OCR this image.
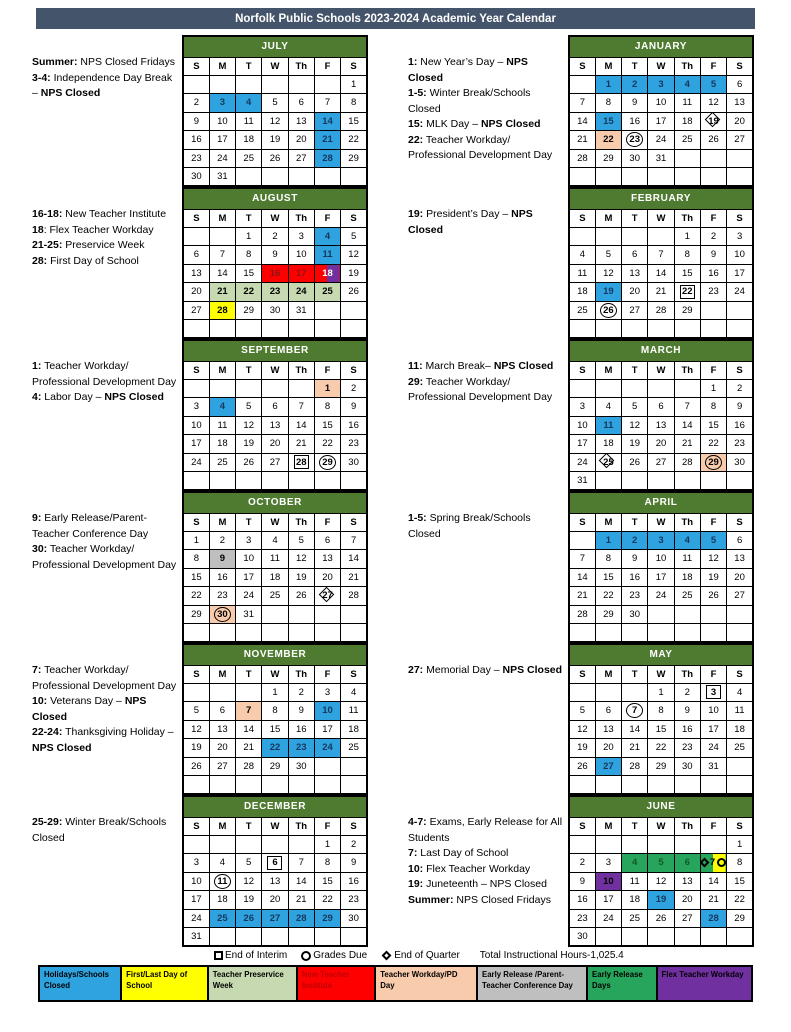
Norfolk Public Schools 2023-2024 Academic Year Calendar
Summer: NPS Closed Fridays
3-4: Independence Day Break – NPS Closed
JULY						
S	M	T	W	Th	F	S
						1
2	3	4	5	6	7	8
9	10	11	12	13	14	15
16	17	18	19	20	21	22
23	24	25	26	27	28	29
30	31					
1: New Year’s Day – NPS Closed
1-5: Winter Break/Schools Closed
15: MLK Day – NPS Closed
22: Teacher Workday/ Professional Development Day
JANUARY						
S	M	T	W	Th	F	S

	1	2	3	4	5	6
7	8	9	10	11	12	13
14	15	16	17	18	19	20
21	22	23	24	25	26	27
28	29	30	31			

16-18: New Teacher Institute
18: Flex Teacher Workday
21-25: Preservice Week
28: First Day of School
AUGUST						
S	M	T	W	Th	F	S
		1	2	3	4	5
6	7	8	9	10	11	12
13	14	15	16	17	18	19
20	21	22	23	24	25	26
27	28	29	30	31		

19: President’s Day – NPS Closed
FEBRUARY						
S	M	T	W	Th	F	S
				1	2	3
4	5	6	7	8	9	10
11	12	13	14	15	16	17
18	19	20	21	22	23	24
25	26	27	28	29		

1: Teacher Workday/ Professional Development Day
4: Labor Day – NPS Closed
SEPTEMBER						
S	M	T	W	Th	F	S

					1	2
3	4	5	6	7	8	9
10	11	12	13	14	15	16
17	18	19	20	21	22	23
24	25	26	27	28	29	30

11: March Break– NPS Closed
29: Teacher Workday/ Professional Development Day
MARCH						
S	M	T	W	Th	F	S
					1	2
3	4	5	6	7	8	9
10	11	12	13	14	15	16
17	18	19	20	21	22	23
24	25	26	27	28	29	30
31						
9: Early Release/Parent-Teacher Conference Day
30: Teacher Workday/ Professional Development Day
OCTOBER						
S	M	T	W	Th	F	S
1	2	3	4	5	6	7
8	9	10	11	12	13	14
15	16	17	18	19	20	21
22	23	24	25	26	27	28
29	30	31				

1-5: Spring Break/Schools Closed
APRIL						
S	M	T	W	Th	F	S

	1	2	3	4	5	6
7	8	9	10	11	12	13
14	15	16	17	18	19	20
21	22	23	24	25	26	27
28	29	30				

7: Teacher Workday/ Professional Development Day
10: Veterans Day – NPS Closed
22-24: Thanksgiving Holiday – NPS Closed
NOVEMBER						
S	M	T	W	Th	F	S
			1	2	3	4
5	6	7	8	9	10	11
12	13	14	15	16	17	18
19	20	21	22	23	24	25
26	27	28	29	30		

27: Memorial Day – NPS Closed
MAY						
S	M	T	W	Th	F	S
			1	2	3	4
5	6	7	8	9	10	11
12	13	14	15	16	17	18
19	20	21	22	23	24	25
26	27	28	29	30	31	

25-29: Winter Break/Schools Closed
DECEMBER						
S	M	T	W	Th	F	S
					1	2
3	4	5	6	7	8	9
10	11	12	13	14	15	16
17	18	19	20	21	22	23
24	25	26	27	28	29	30
31						
4-7: Exams, Early Release for All Students
7: Last Day of School
10: Flex Teacher Workday
19: Juneteenth – NPS Closed
Summer: NPS Closed Fridays
JUNE						
S	M	T	W	Th	F	S
						1
2	3	4	5	6	7	8
9	10	11	12	13	14	15
16	17	18	19	20	21	22
23	24	25	26	27	28	29
30						
End of Interim	Grades Due	End of Quarter Total Instructional Hours-1,025.4
Holidays/Schools Closed
First/Last Day of School
Teacher Preservice Week
New Teacher Institute
Teacher Workday/PD Day
Early Release /Parent-Teacher Conference Day
Early Release Days
Flex Teacher Workday
